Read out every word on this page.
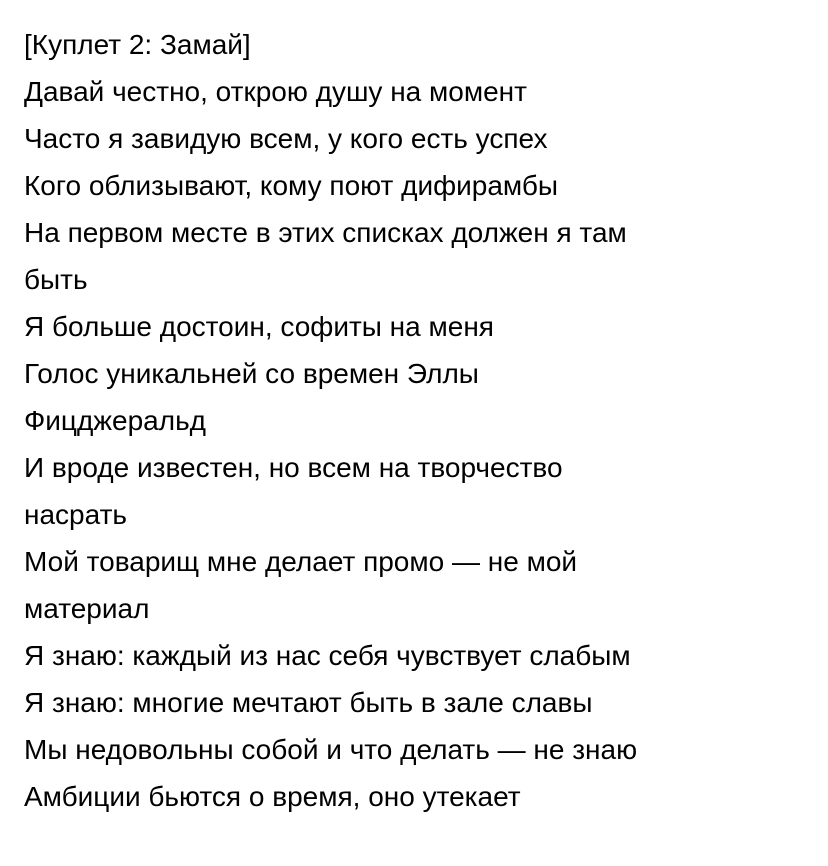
[Куплет 2: Замай]
Давай честно, открою душу на момент
Часто я завидую всем, у кого есть успех
Кого облизывают, кому поют дифирамбы
На первом месте в этих списках должен я там
быть
Я больше достоин, софиты на меня
Голос уникальней со времен Эллы
Фицджеральд
И вроде известен, но всем на творчество
насрать
Мой товарищ мне делает промо — не мой
материал
Я знаю: каждый из нас себя чувствует слабым
Я знаю: многие мечтают быть в зале славы
Мы недовольны собой и что делать — не знаю
Амбиции бьются о время, оно утекает
